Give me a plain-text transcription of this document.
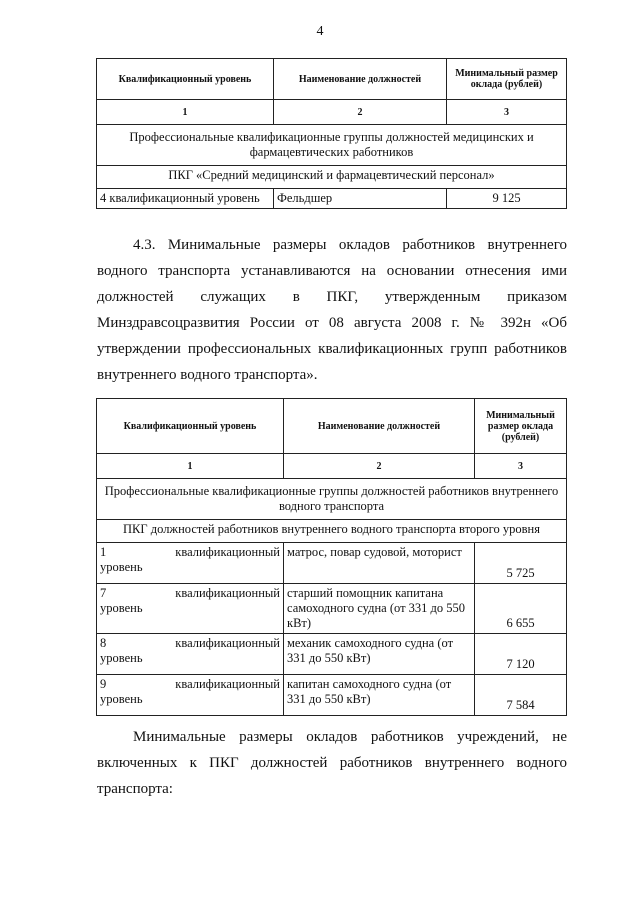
4
Квалификационный уровень	Наименование должностей	Минимальный размер оклада (рублей)
1	2	3
Профессиональные квалификационные группы должностей медицинских и фармацевтических работников		
ПКГ «Средний медицинский и фармацевтический персонал»		
4 квалификационный уровень	Фельдшер	9 125
4.3. Минимальные размеры окладов работников внутреннего водного транспорта устанавливаются на основании отнесения ими должностей служащих в ПКГ, утвержденным приказом Минздравсоцразвития России от 08 августа 2008 г. № 392н «Об утверждении профессиональных квалификационных групп работников внутреннего водного транспорта».
Квалификационный уровень	Наименование должностей	Минимальный размер оклада (рублей)
1	2	3
Профессиональные квалификационные группы должностей работников внутреннего водного транспорта		
ПКГ должностей работников внутреннего водного транспорта второго уровня		

1 квалификационный
уровень	матрос, повар судовой, моторист	5 725

7 квалификационный
уровень	старший помощник капитана самоходного судна (от 331 до 550 кВт)	6 655

8 квалификационный
уровень	механик самоходного судна (от 331 до 550 кВт)	7 120

9 квалификационный
уровень	капитан самоходного судна (от 331 до 550 кВт)	7 584
Минимальные размеры окладов работников учреждений, не включенных к ПКГ должностей работников внутреннего водного транспорта:
